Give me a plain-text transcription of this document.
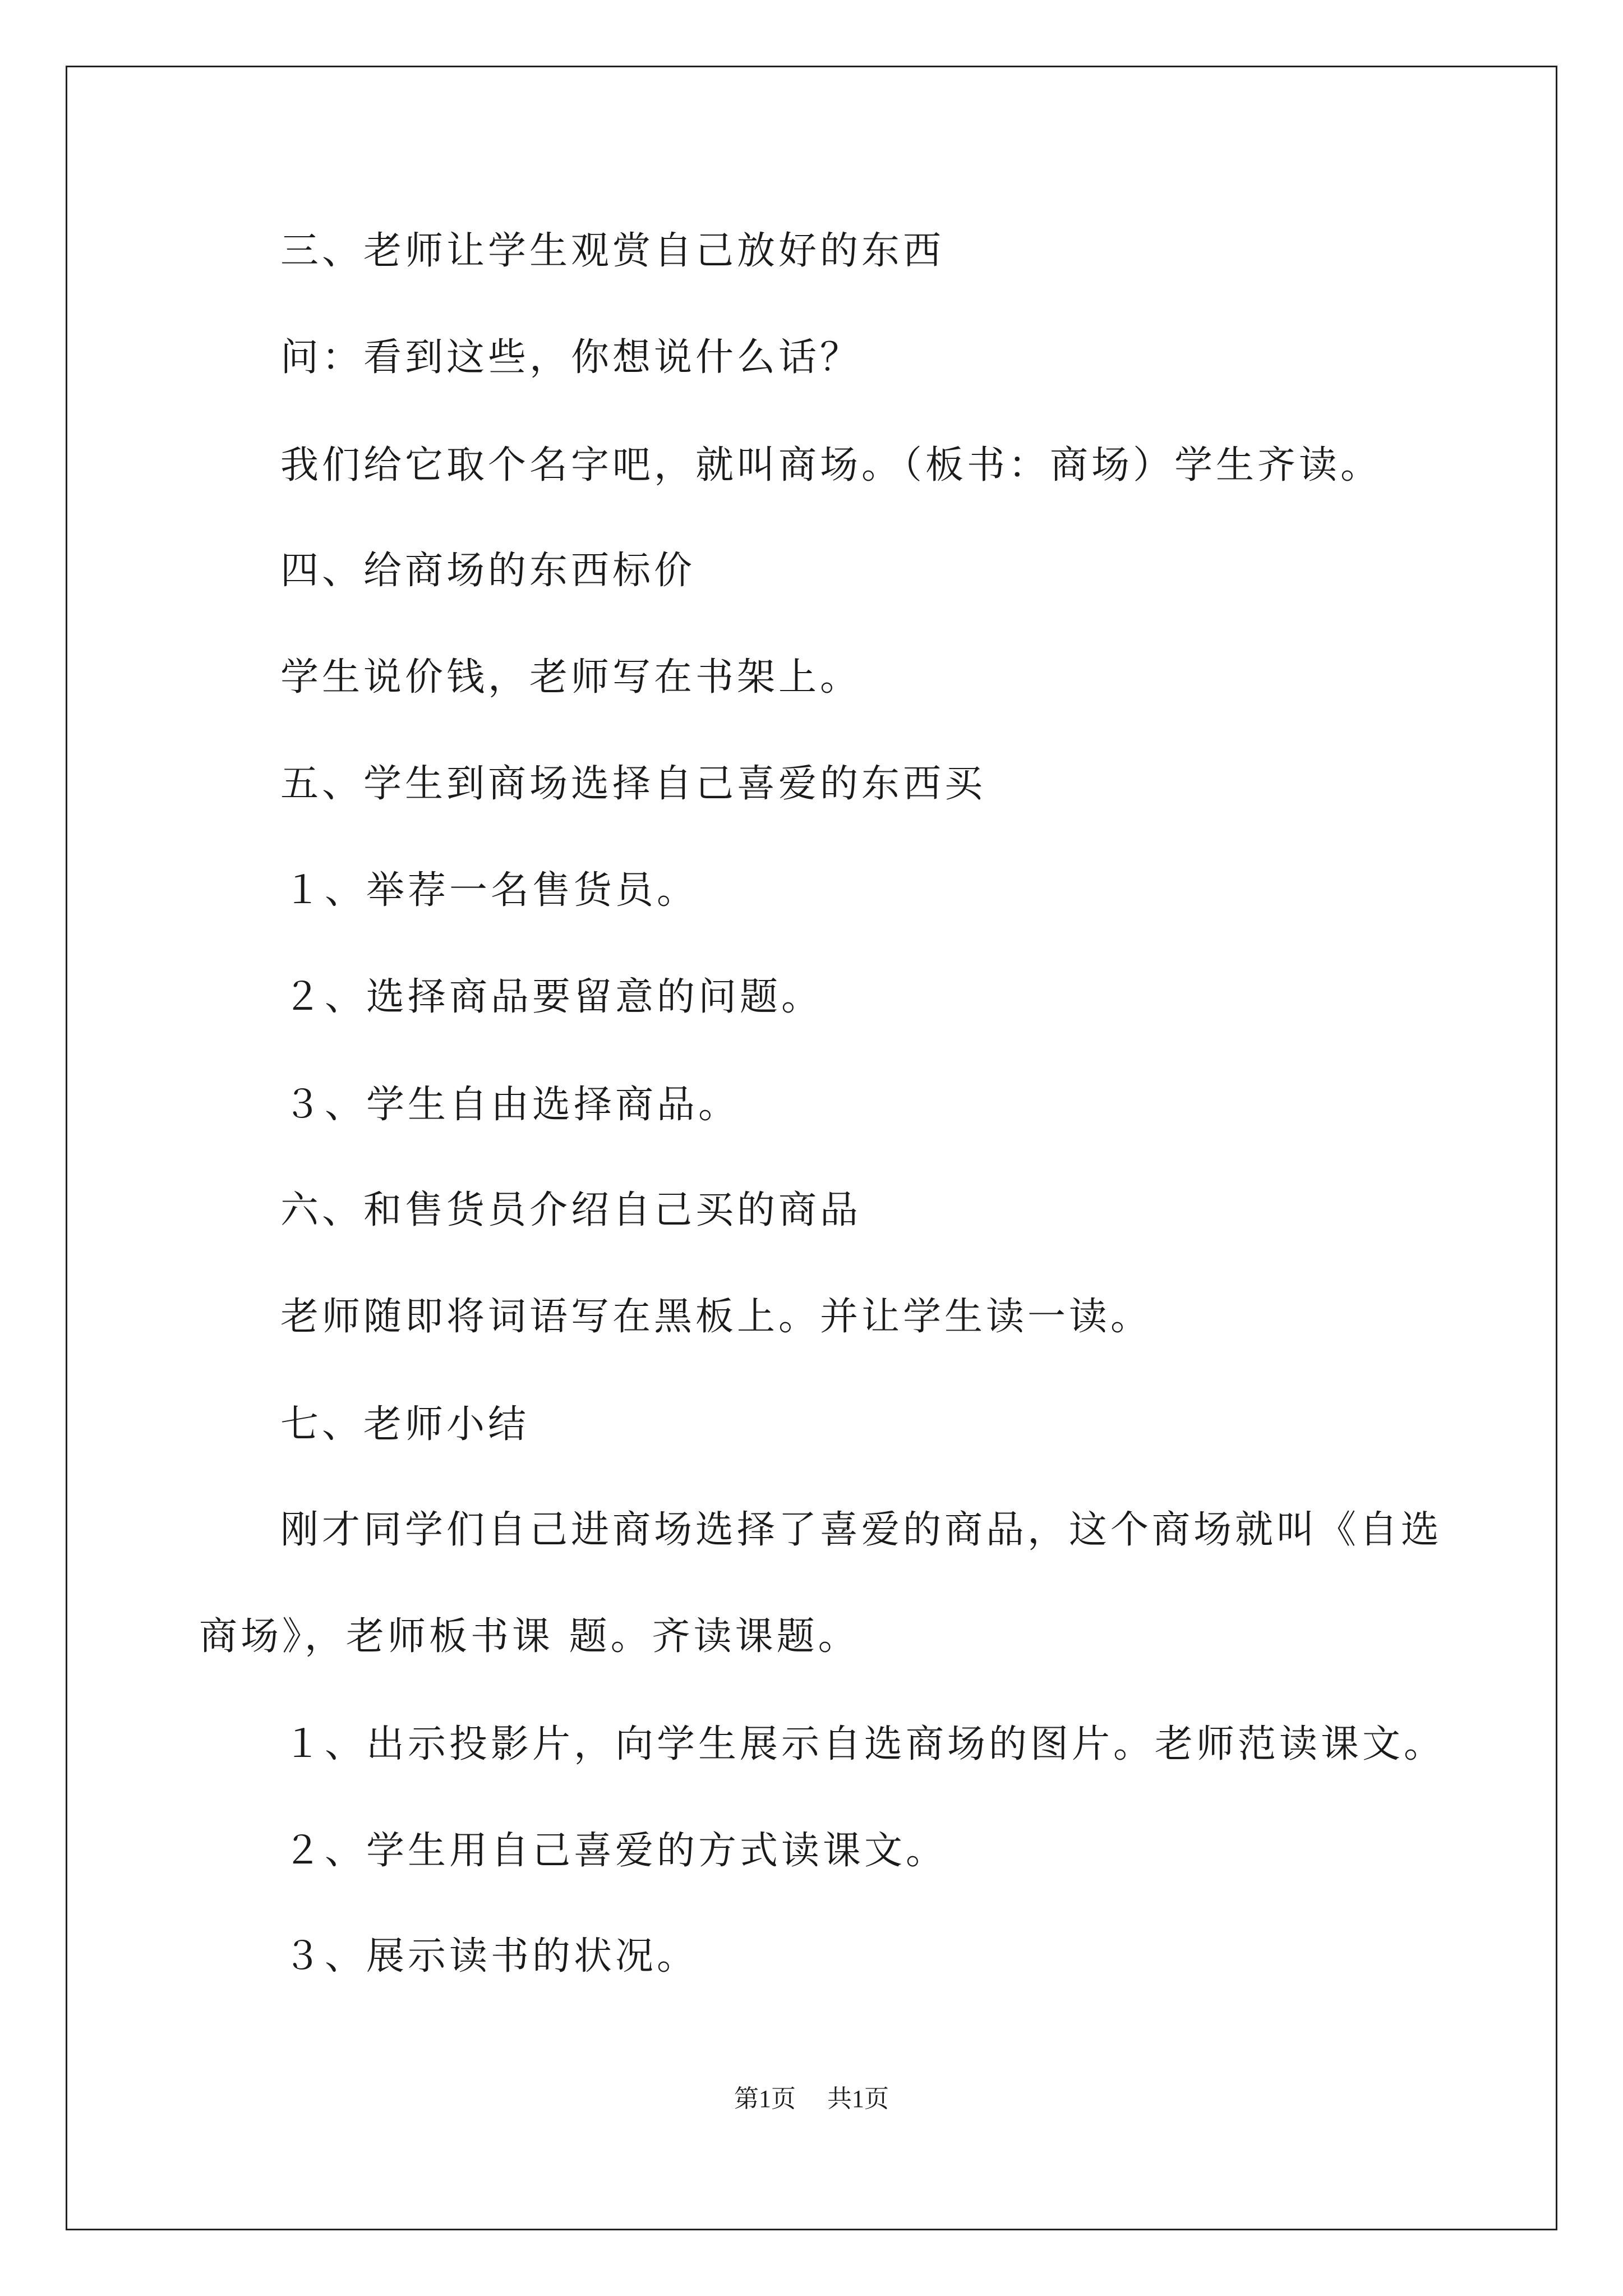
三、老师让学生观赏自己放好的东西
问：看到这些，你想说什么话？
我们给它取个名字吧，就叫商场。（板书：商场）学生齐读。
四、给商场的东西标价
学生说价钱，老师写在书架上。
五、学生到商场选择自己喜爱的东西买
１、举荐一名售货员。
２、选择商品要留意的问题。
３、学生自由选择商品。
六、和售货员介绍自己买的商品
老师随即将词语写在黑板上。并让学生读一读。
七、老师小结
刚才同学们自己进商场选择了喜爱的商品，这个商场就叫《自选
商场》，老师板书课 题。齐读课题。
１、出示投影片，向学生展示自选商场的图片。老师范读课文。
２、学生用自己喜爱的方式读课文。
３、展示读书的状况。
第1页 共1页
